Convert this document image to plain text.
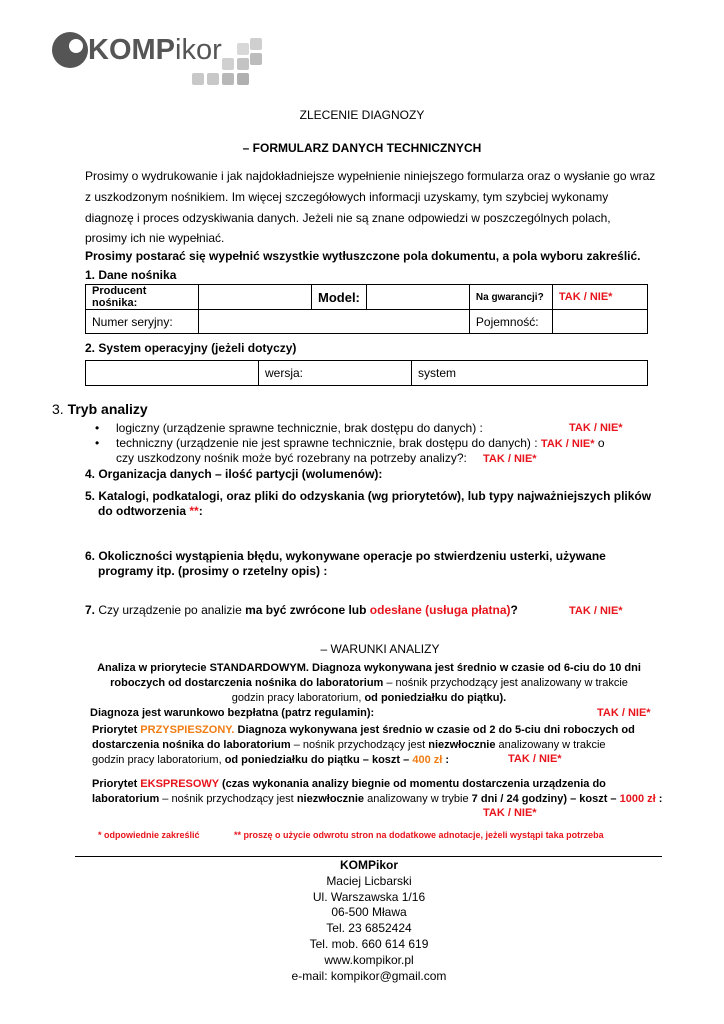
KOMPikor
ZLECENIE DIAGNOZY
– FORMULARZ DANYCH TECHNICZNYCH
Prosimy o wydrukowanie i jak najdokładniejsze wypełnienie niniejszego formularza oraz o wysłanie go wraz
z uszkodzonym nośnikiem. Im więcej szczegółowych informacji uzyskamy, tym szybciej wykonamy
diagnozę i proces odzyskiwania danych. Jeżeli nie są znane odpowiedzi w poszczególnych polach,
prosimy ich nie wypełniać.
Prosimy postarać się wypełnić wszystkie wytłuszczone pola dokumentu, a pola wyboru zakreślić.
1. Dane nośnika
Producent nośnika:		Model:		Na gwarancji?	TAK / NIE*
Numer seryjny:				Pojemność:	
2. System operacyjny (jeżeli dotyczy)
	wersja:	system
3. Tryb analizy
• logiczny (urządzenie sprawne technicznie, brak dostępu do danych) :	TAK / NIE*
• techniczny (urządzenie nie jest sprawne technicznie, brak dostępu do danych) : TAK / NIE* o
czy uszkodzony nośnik może być rozebrany na potrzeby analizy?: TAK / NIE*
4. Organizacja danych – ilość partycji (wolumenów):
5. Katalogi, podkatalogi, oraz pliki do odzyskania (wg priorytetów), lub typy najważniejszych plików
do odtworzenia **:
6. Okoliczności wystąpienia błędu, wykonywane operacje po stwierdzeniu usterki, używane
programy itp. (prosimy o rzetelny opis) :
7. Czy urządzenie po analizie ma być zwrócone lub odesłane (usługa płatna)?	TAK / NIE*
– WARUNKI ANALIZY
Analiza w priorytecie STANDARDOWYM. Diagnoza wykonywana jest średnio w czasie od 6-ciu do 10 dni
roboczych od dostarczenia nośnika do laboratorium – nośnik przychodzący jest analizowany w trakcie
godzin pracy laboratorium, od poniedziałku do piątku).
Diagnoza jest warunkowo bezpłatna (patrz regulamin):	TAK / NIE*
Priorytet PRZYSPIESZONY. Diagnoza wykonywana jest średnio w czasie od 2 do 5-ciu dni roboczych od
dostarczenia nośnika do laboratorium – nośnik przychodzący jest niezwłocznie analizowany w trakcie
godzin pracy laboratorium, od poniedziałku do piątku – koszt – 400 zł :	TAK / NIE*
Priorytet EKSPRESOWY (czas wykonania analizy biegnie od momentu dostarczenia urządzenia do
laboratorium – nośnik przychodzący jest niezwłocznie analizowany w trybie 7 dni / 24 godziny) – koszt – 1000 zł :
TAK / NIE*
* odpowiednie zakreślić	** proszę o użycie odwrotu stron na dodatkowe adnotacje, jeżeli wystąpi taka potrzeba
KOMPikor
Maciej Licbarski
Ul. Warszawska 1/16
06-500 Mława
Tel. 23 6852424
Tel. mob. 660 614 619
www.kompikor.pl
e-mail: kompikor@gmail.com
